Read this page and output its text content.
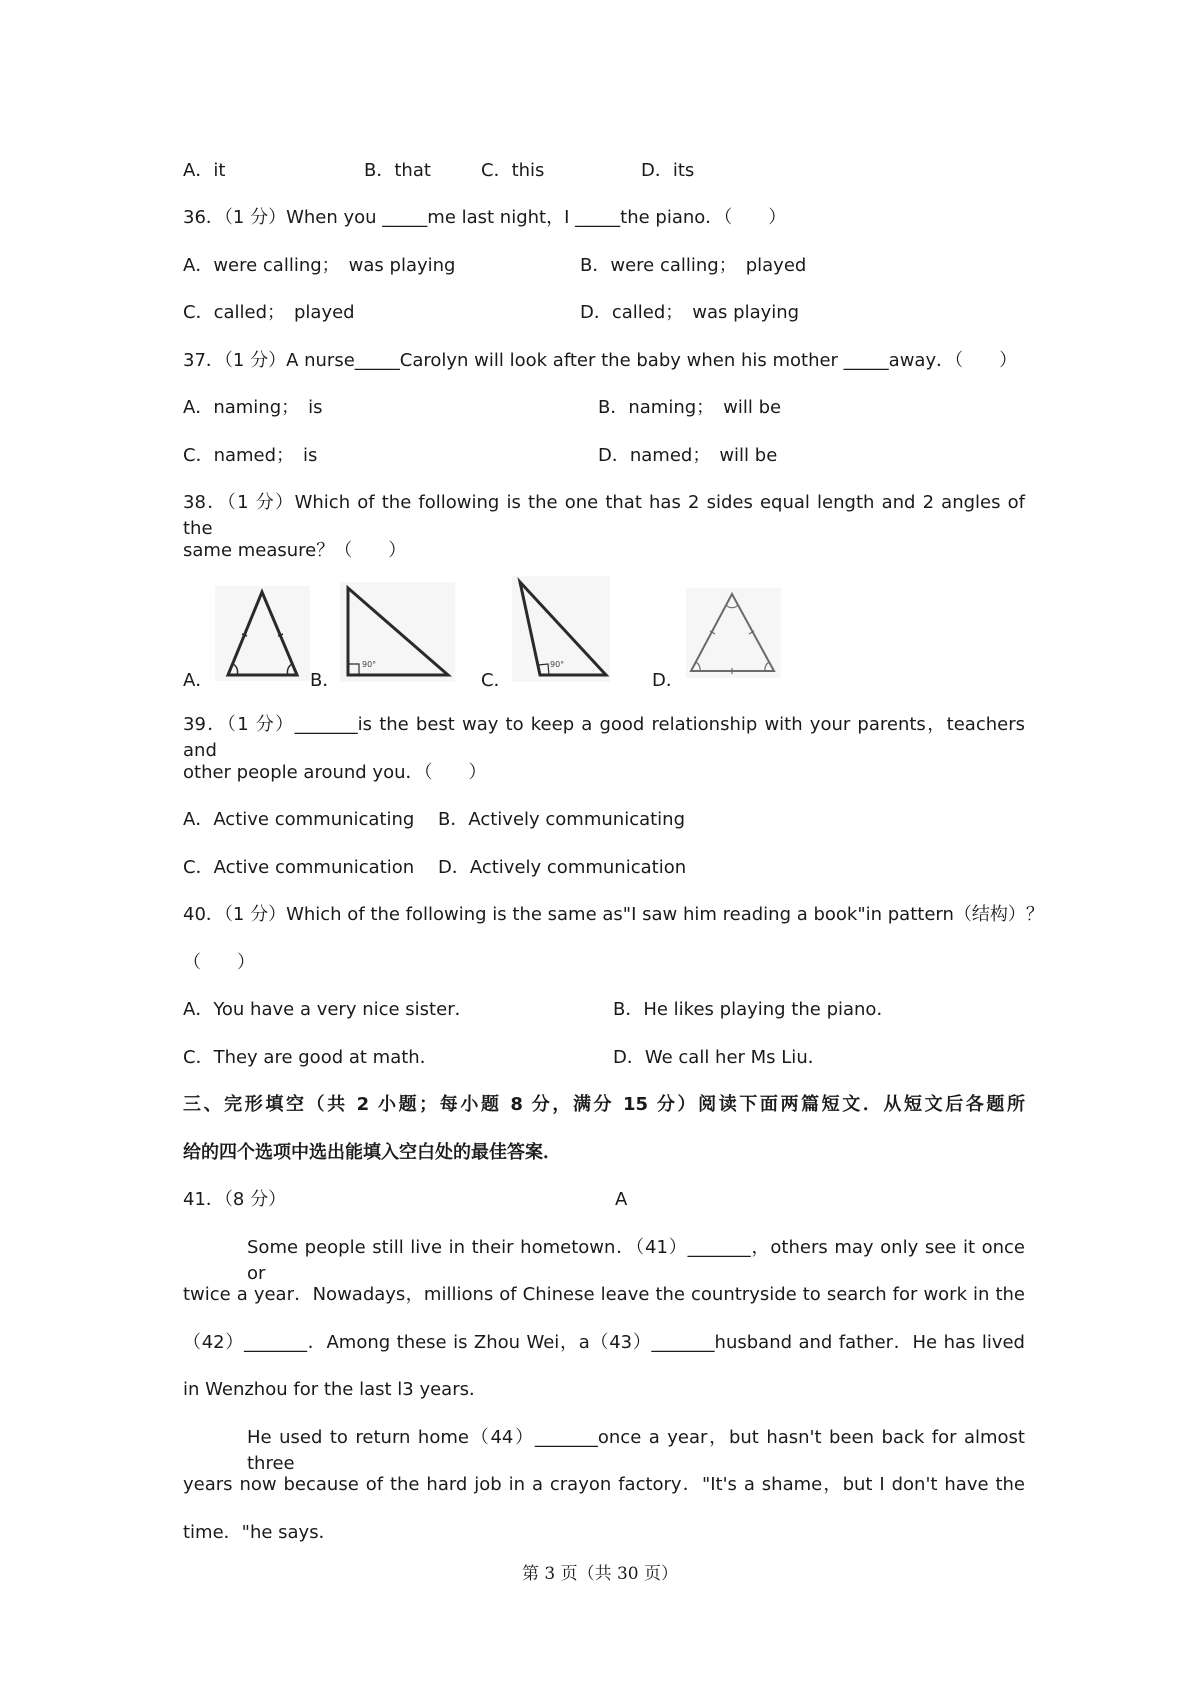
A．it	B．that	C．this	D．its
36．（1 分）When you _____me last night，I _____the piano．（　　）
A．were calling；　was playing	B．were calling；　played
C．called；　played	D．called；　was playing
37．（1 分）A nurse_____Carolyn will look after the baby when his mother _____away．（　　）
A．naming；　is	B．naming；　will be
C．named；　is	D．named；　will be
38．（1 分）Which of the following is the one that has 2 sides equal length and 2 angles of the
same measure？（　　）
A．	B．
90°
C．
90°
D．
39．（1 分）_______is the best way to keep a good relationship with your parents，teachers and
other people around you．（　　）
A．Active communicating B．Actively communicating
C．Active communication D．Actively communication
40．（1 分）Which of the following is the same as"I saw him reading a book"in pattern（结构）？
（　　）
A．You have a very nice sister．	B．He likes playing the piano．
C．They are good at math．	D．We call her Ms Liu．
三、完形填空（共 2 小题；每小题 8 分，满分 15 分）阅读下面两篇短文．从短文后各题所
给的四个选项中选出能填入空白处的最佳答案．
41．（8 分）	A
Some people still live in their hometown．（41）_______，others may only see it once or
twice a year．Nowadays，millions of Chinese leave the countryside to search for work in the
（42）_______．Among these is Zhou Wei，a（43）_______husband and father．He has lived
in Wenzhou for the last l3 years．
He used to return home（44）_______once a year，but hasn't been back for almost three
years now because of the hard job in a crayon factory．"It's a shame，but I don't have the
time．"he says．
第 3 页（共 30 页）
